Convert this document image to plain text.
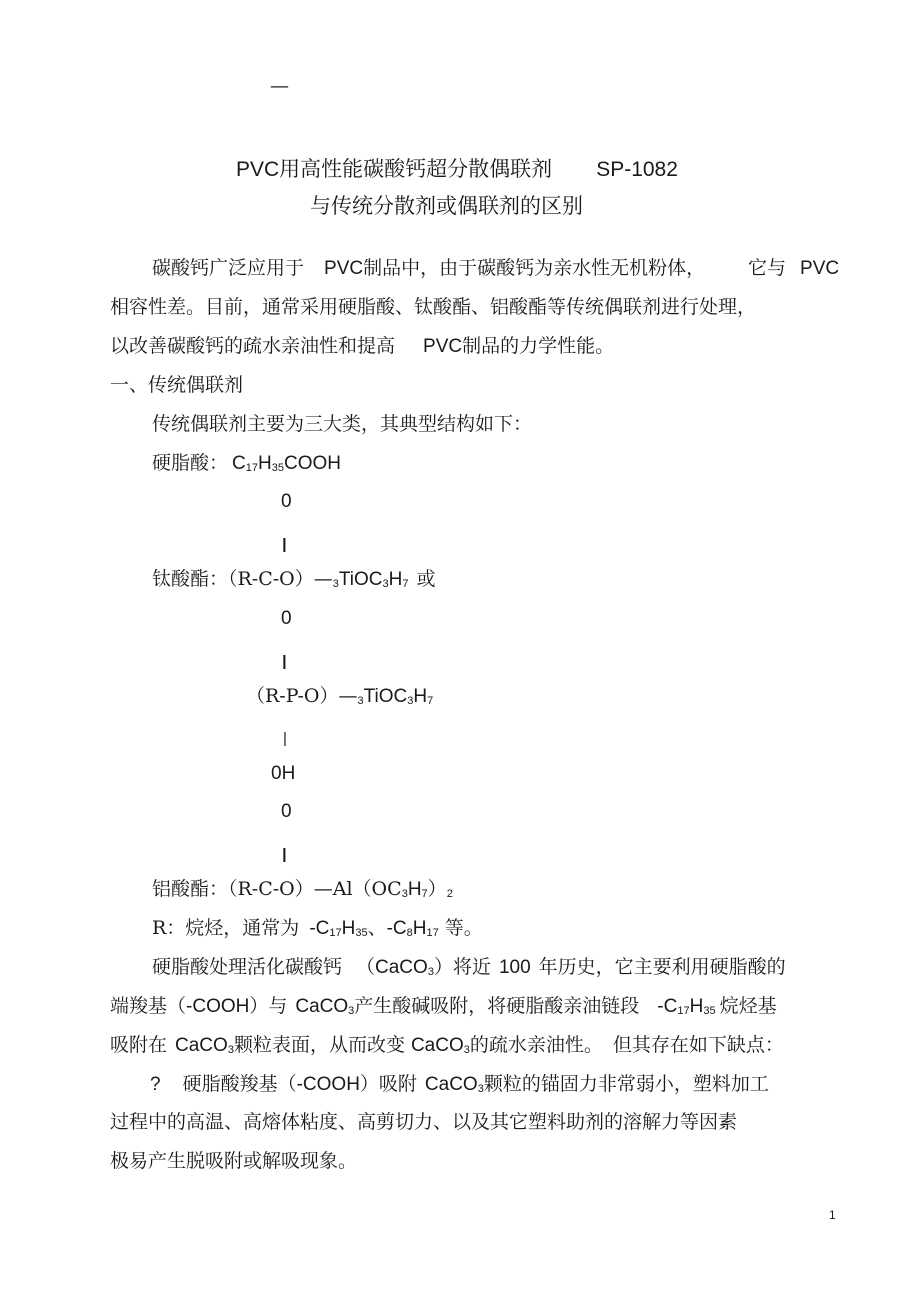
—
PVC用高性能碳酸钙超分散偶联剂 SP-1082
与传统分散剂或偶联剂的区别
碳酸钙广泛应用于 PVC制品中，由于碳酸钙为亲水性无机粉体， 它与 PVC
相容性差。目前，通常采用硬脂酸、钛酸酯、铝酸酯等传统偶联剂进行处理，
以改善碳酸钙的疏水亲油性和提高 PVC制品的力学性能。
一、传统偶联剂
传统偶联剂主要为三大类，其典型结构如下：
硬脂酸： C17H35COOH
0
||
钛酸酯：（R-C-O）—3TiOC3H7 或
0
||
（R-P-O）—3TiOC3H7
|
0H
0
||
铝酸酯：（R-C-O）—Al（OC3H7）2
R：烷烃，通常为 -C17H35、-C8H17 等。
硬脂酸处理活化碳酸钙 （CaCO3）将近 100 年历史，它主要利用硬脂酸的
端羧基（-COOH）与 CaCO3产生酸碱吸附，将硬脂酸亲油链段 -C17H35 烷烃基
吸附在 CaCO3颗粒表面，从而改变 CaCO3的疏水亲油性。 但其存在如下缺点：
? 硬脂酸羧基（-COOH）吸附 CaCO3颗粒的锚固力非常弱小，塑料加工
过程中的高温、高熔体粘度、高剪切力、以及其它塑料助剂的溶解力等因素
极易产生脱吸附或解吸现象。
1
